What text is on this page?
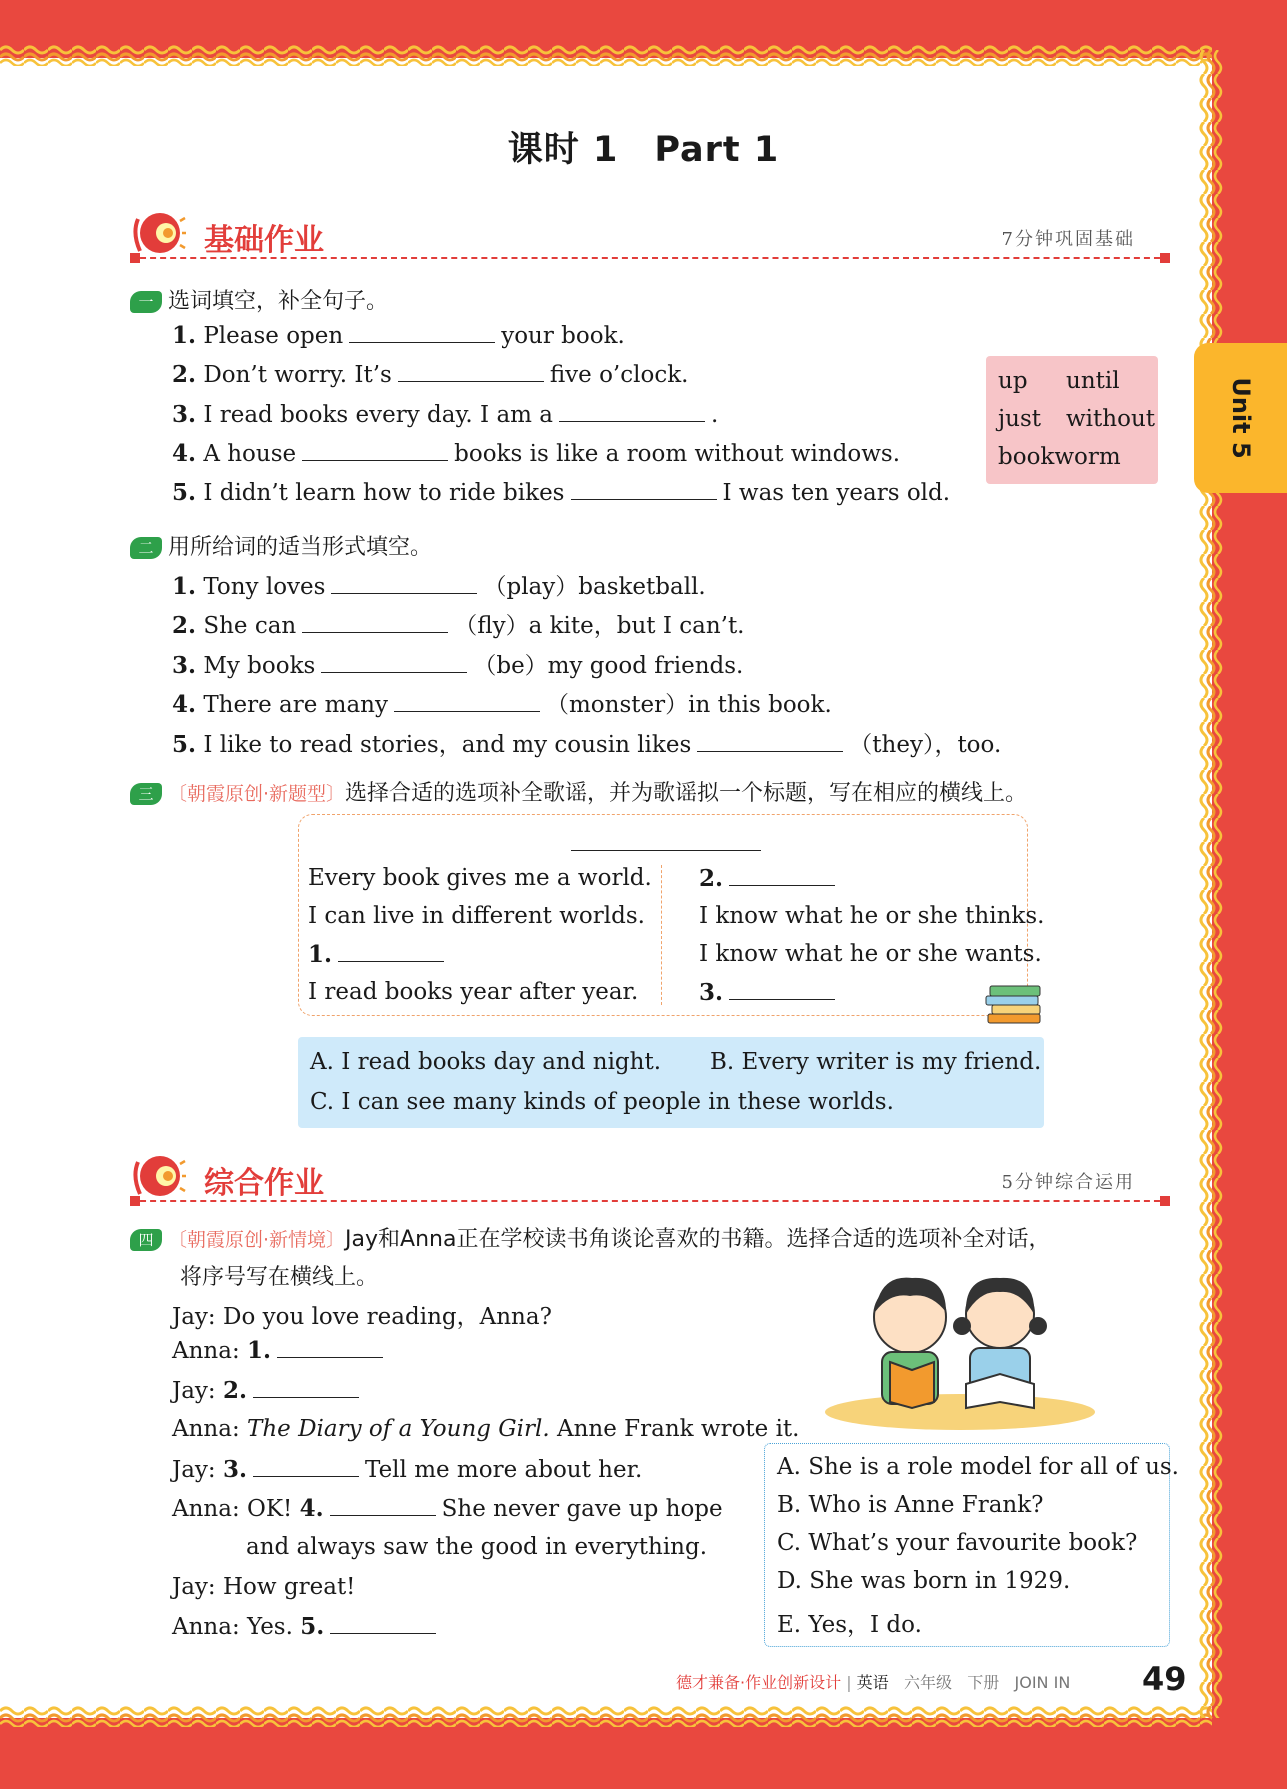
课时 1　Part 1
Unit 5
基础作业	7分钟巩固基础
一 选词填空，补全句子。
1. Please open	your book.
2. Don’t worry. It’s	five o’clock.
3. I read books every day. I am a	.
4. A house	books is like a room without windows.
5. I didn’t learn how to ride bikes	I was ten years old.
up until
just without
bookworm
二 用所给词的适当形式填空。
1. Tony loves	（play）basketball.
2. She can	（fly）a kite，but I can’t.
3. My books	（be）my good friends.
4. There are many	（monster）in this book.
5. I like to read stories，and my cousin likes	（they），too.
三 〔朝霞原创·新题型〕选择合适的选项补全歌谣，并为歌谣拟一个标题，写在相应的横线上。
Every book gives me a world.
I can live in different worlds.
1.
I read books year after year.
2.
I know what he or she thinks.
I know what he or she wants.
3.
A. I read books day and night. B. Every writer is my friend.
C. I can see many kinds of people in these worlds.
综合作业	5分钟综合运用
四 〔朝霞原创·新情境〕Jay和Anna正在学校读书角谈论喜欢的书籍。选择合适的选项补全对话，
将序号写在横线上。
Jay: Do you love reading，Anna?
Anna: 1.
Jay: 2.
Anna: The Diary of a Young Girl. Anne Frank wrote it.
Jay: 3.	Tell me more about her.
Anna: OK! 4.	She never gave up hope
and always saw the good in everything.
Jay: How great!
Anna: Yes. 5.
A. She is a role model for all of us.
B. Who is Anne Frank?
C. What’s your favourite book?
D. She was born in 1929.
E. Yes，I do.
德才兼备·作业创新设计 | 英语 六年级 下册 JOIN IN 49
